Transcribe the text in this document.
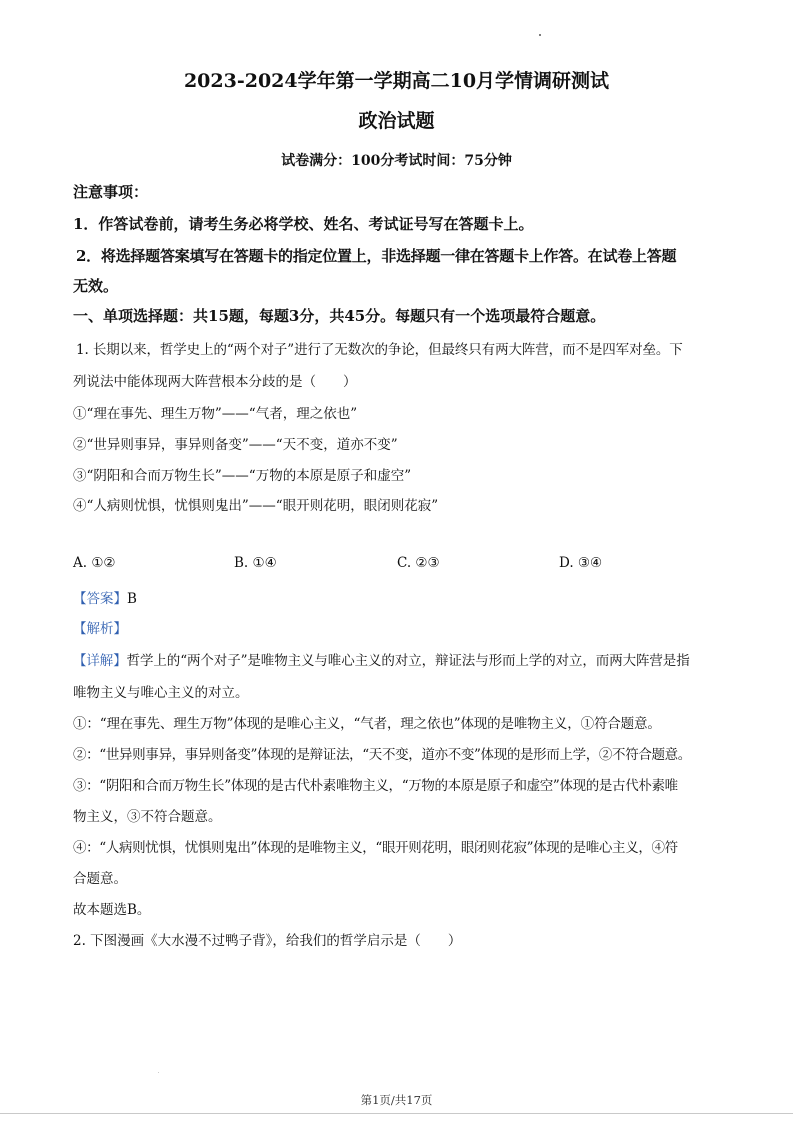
2023-2024学年第一学期高二10月学情调研测试
政治试题
试卷满分：100分考试时间：75分钟
注意事项：
1．作答试卷前，请考生务必将学校、姓名、考试证号写在答题卡上。
2．将选择题答案填写在答题卡的指定位置上，非选择题一律在答题卡上作答。在试卷上答题
无效。
一、单项选择题：共15题，每题3分，共45分。每题只有一个选项最符合题意。
1. 长期以来，哲学史上的“两个对子”进行了无数次的争论，但最终只有两大阵营，而不是四军对垒。下
列说法中能体现两大阵营根本分歧的是（　　）
①“理在事先、理生万物”——“气者，理之依也”
②“世异则事异，事异则备变”——“天不变，道亦不变”
③“阴阳和合而万物生长”——“万物的本原是原子和虚空”
④“人病则忧惧，忧惧则鬼出”——“眼开则花明，眼闭则花寂”
A. ①②	B. ①④	C. ②③	D. ③④
【答案】B
【解析】
【详解】哲学上的“两个对子”是唯物主义与唯心主义的对立，辩证法与形而上学的对立，而两大阵营是指
唯物主义与唯心主义的对立。
①：“理在事先、理生万物”体现的是唯心主义，“气者，理之依也”体现的是唯物主义，①符合题意。
②：“世异则事异，事异则备变”体现的是辩证法，“天不变，道亦不变”体现的是形而上学，②不符合题意。
③：“阴阳和合而万物生长”体现的是古代朴素唯物主义，“万物的本原是原子和虚空”体现的是古代朴素唯
物主义，③不符合题意。
④：“人病则忧惧，忧惧则鬼出”体现的是唯物主义，“眼开则花明，眼闭则花寂”体现的是唯心主义，④符
合题意。
故本题选B。
2. 下图漫画《大水漫不过鸭子背》，给我们的哲学启示是（　　）
第1页/共17页
